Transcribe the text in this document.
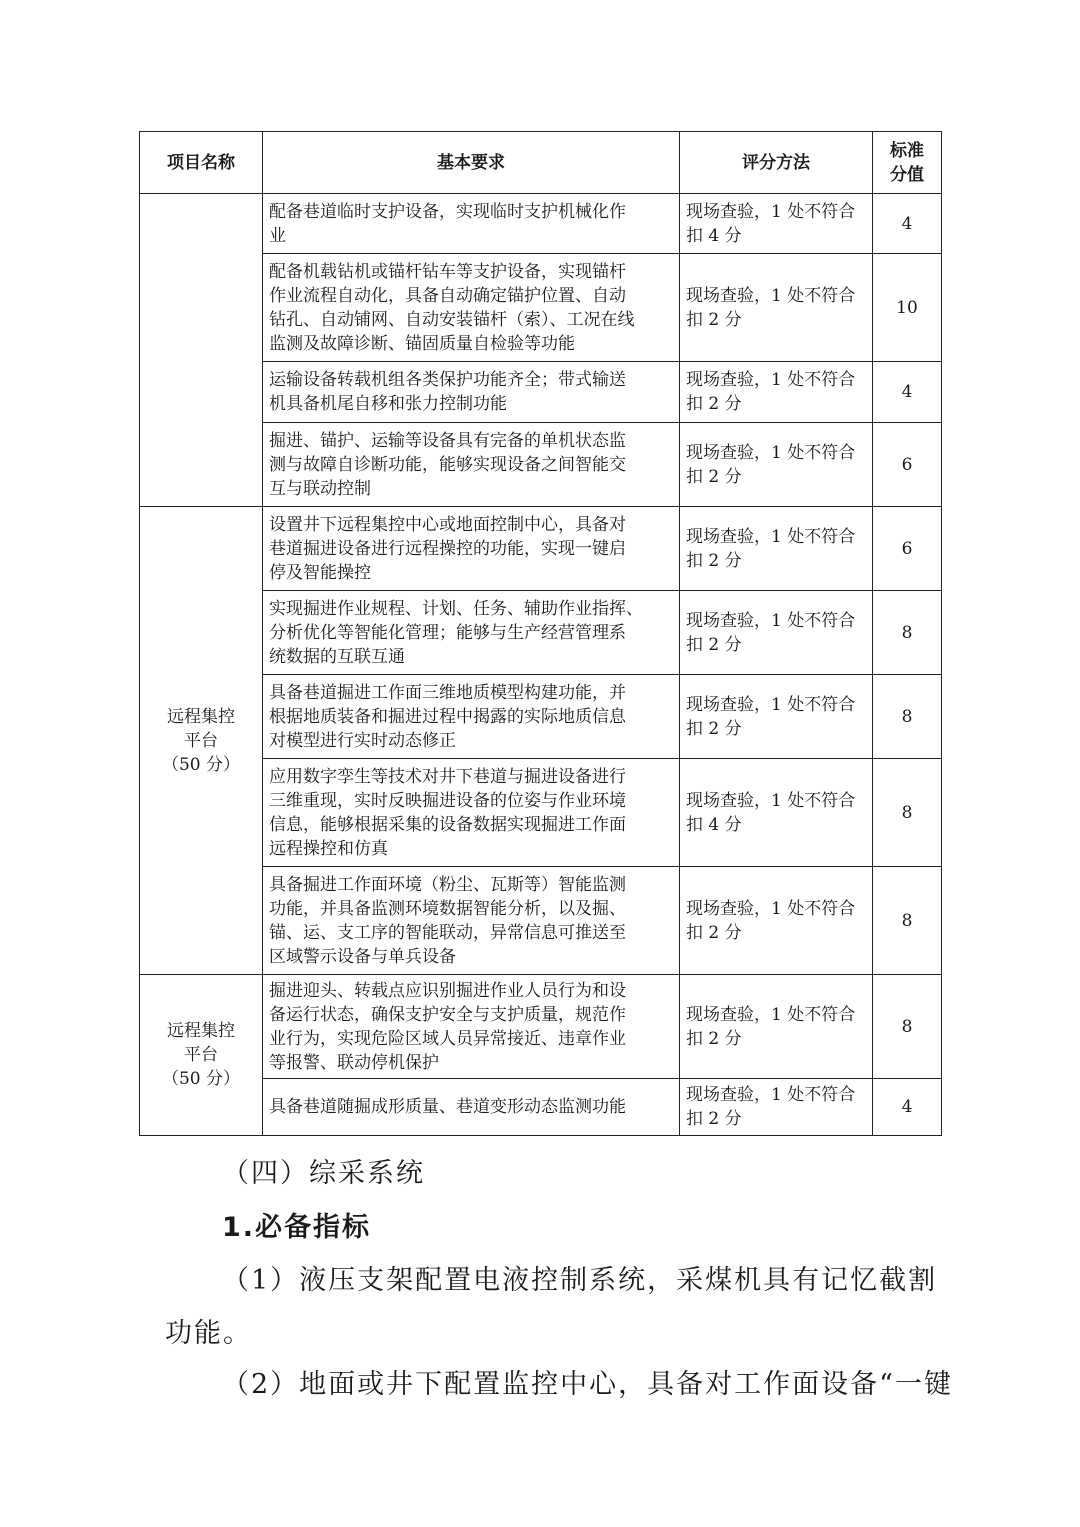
项目名称	基本要求	评分方法	标准
分值

	配备巷道临时支护设备，实现临时支护机械化作
业	现场查验，1 处不符合
扣 4 分	4

	配备机载钻机或锚杆钻车等支护设备，实现锚杆
作业流程自动化，具备自动确定锚护位置、自动
钻孔、自动铺网、自动安装锚杆（索）、工况在线
监测及故障诊断、锚固质量自检验等功能	现场查验，1 处不符合
扣 2 分	10

	运输设备转载机组各类保护功能齐全；带式输送
机具备机尾自移和张力控制功能	现场查验，1 处不符合
扣 2 分	4

	掘进、锚护、运输等设备具有完备的单机状态监
测与故障自诊断功能，能够实现设备之间智能交
互与联动控制	现场查验，1 处不符合
扣 2 分	6

远程集控
平台
（50 分）	设置井下远程集控中心或地面控制中心，具备对
巷道掘进设备进行远程操控的功能，实现一键启
停及智能操控	现场查验，1 处不符合
扣 2 分	6

	实现掘进作业规程、计划、任务、辅助作业指挥、
分析优化等智能化管理；能够与生产经营管理系
统数据的互联互通	现场查验，1 处不符合
扣 2 分	8

	具备巷道掘进工作面三维地质模型构建功能，并
根据地质装备和掘进过程中揭露的实际地质信息
对模型进行实时动态修正	现场查验，1 处不符合
扣 2 分	8

	应用数字孪生等技术对井下巷道与掘进设备进行
三维重现，实时反映掘进设备的位姿与作业环境
信息，能够根据采集的设备数据实现掘进工作面
远程操控和仿真	现场查验，1 处不符合
扣 4 分	8

	具备掘进工作面环境（粉尘、瓦斯等）智能监测
功能，并具备监测环境数据智能分析，以及掘、
锚、运、支工序的智能联动，异常信息可推送至
区域警示设备与单兵设备	现场查验，1 处不符合
扣 2 分	8

远程集控
平台
（50 分）	掘进迎头、转载点应识别掘进作业人员行为和设
备运行状态，确保支护安全与支护质量，规范作
业行为，实现危险区域人员异常接近、违章作业
等报警、联动停机保护	现场查验，1 处不符合
扣 2 分	8

	具备巷道随掘成形质量、巷道变形动态监测功能	现场查验，1 处不符合
扣 2 分	4
（四）综采系统
1.必备指标
（1）液压支架配置电液控制系统，采煤机具有记忆截割
功能。
（2）地面或井下配置监控中心，具备对工作面设备“一键
